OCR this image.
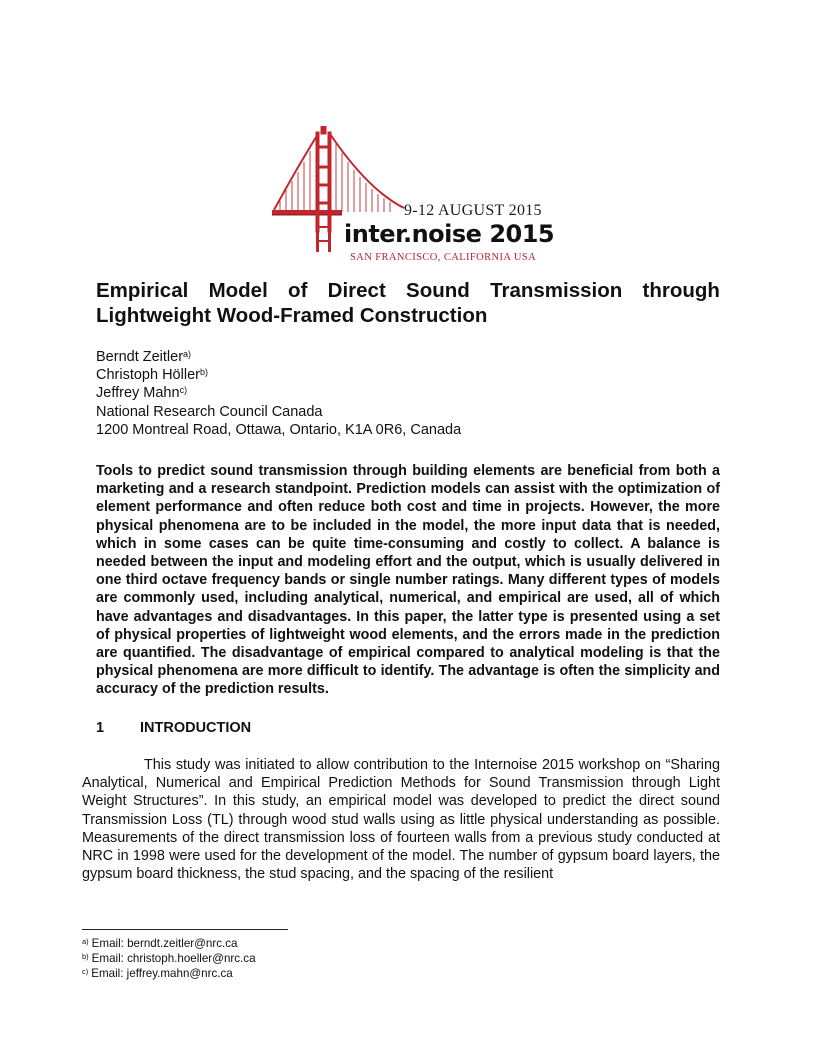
9-12 AUGUST 2015
inter.noise 2015
SAN FRANCISCO, CALIFORNIA USA
Empirical Model of Direct Sound Transmission through
Lightweight Wood-Framed Construction
Berndt Zeitler$^{a)}$
Christoph Höller$^{b)}$
Jeffrey Mahn$^{c)}$
National Research Council Canada
1200 Montreal Road, Ottawa, Ontario, K1A 0R6, Canada

Tools to predict sound transmission through building elements are beneficial from both a marketing and a research standpoint. Prediction models can assist with the optimization of element performance and often reduce both cost and time in projects. However, the more physical phenomena are to be included in the model, the more input data that is needed, which in some cases can be quite time-consuming and costly to collect. A balance is needed between the input and modeling effort and the output, which is usually delivered in one third octave frequency bands or single number ratings. Many different types of models are commonly used, including analytical, numerical, and empirical are used, all of which have advantages and disadvantages. In this paper, the latter type is presented using a set of physical properties of lightweight wood elements, and the errors made in the prediction are quantified. The disadvantage of empirical compared to analytical modeling is that the physical phenomena are more difficult to identify. The advantage is often the simplicity and accuracy of the prediction results.

1 INTRODUCTION

This study was initiated to allow contribution to the Internoise 2015 workshop on “Sharing Analytical, Numerical and Empirical Prediction Methods for Sound Transmission through Light Weight Structures”. In this study, an empirical model was developed to predict the direct sound Transmission Loss (TL) through wood stud walls using as little physical understanding as possible. Measurements of the direct transmission loss of fourteen walls from a previous study conducted at NRC in 1998 were used for the development of the model. The number of gypsum board layers, the gypsum board thickness, the stud spacing, and the spacing of the resilient

$^{a)}$ Email: berndt.zeitler@nrc.ca
$^{b)}$ Email: christoph.hoeller@nrc.ca
$^{c)}$ Email: jeffrey.mahn@nrc.ca
